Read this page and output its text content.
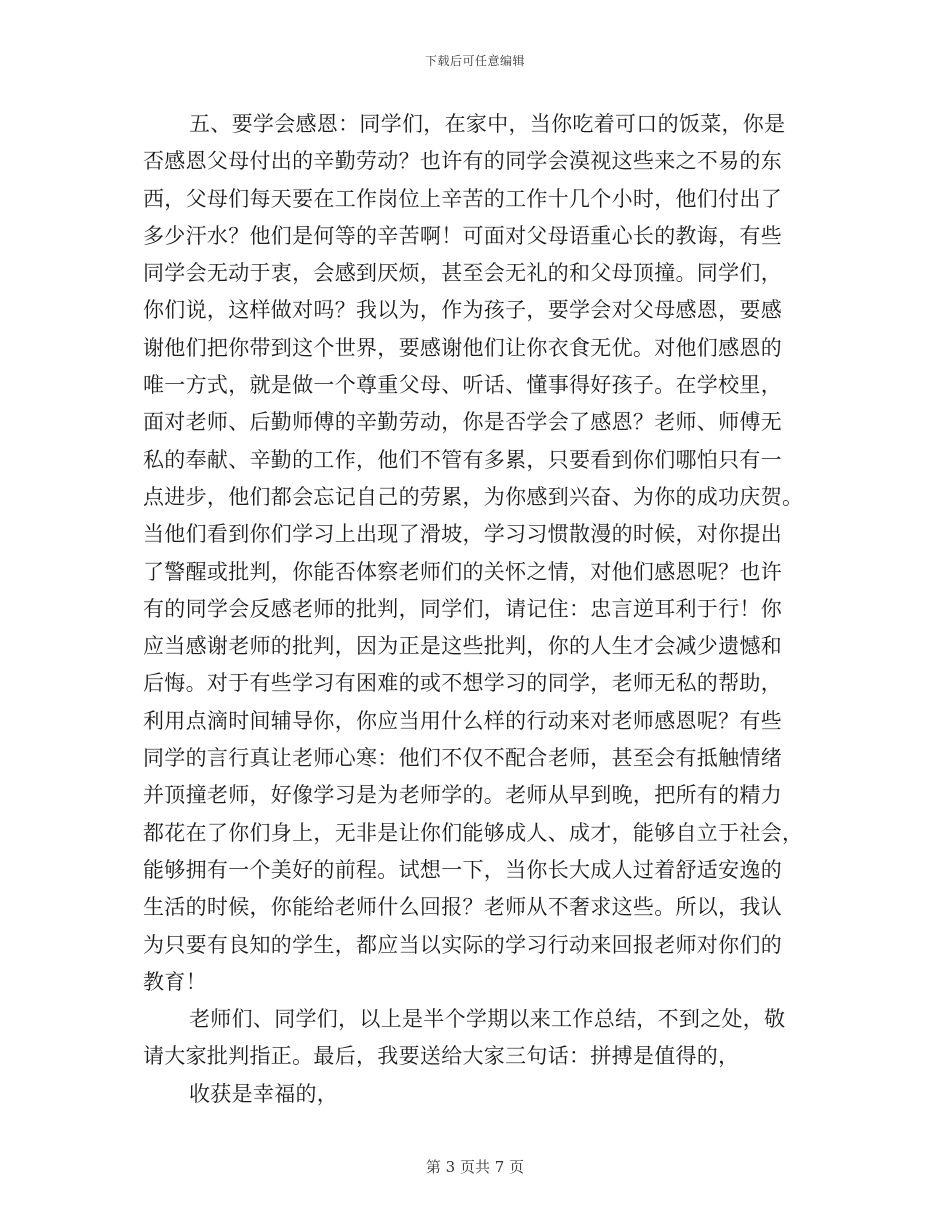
下载后可任意编辑

五、要学会感恩：同学们，在家中，当你吃着可口的饭菜，你是
否感恩父母付出的辛勤劳动？也许有的同学会漠视这些来之不易的东
西，父母们每天要在工作岗位上辛苦的工作十几个小时，他们付出了
多少汗水？他们是何等的辛苦啊！可面对父母语重心长的教诲，有些
同学会无动于衷，会感到厌烦，甚至会无礼的和父母顶撞。同学们，
你们说，这样做对吗？我以为，作为孩子，要学会对父母感恩，要感
谢他们把你带到这个世界，要感谢他们让你衣食无优。对他们感恩的
唯一方式，就是做一个尊重父母、听话、懂事得好孩子。在学校里，
面对老师、后勤师傅的辛勤劳动，你是否学会了感恩？老师、师傅无
私的奉献、辛勤的工作，他们不管有多累，只要看到你们哪怕只有一
点进步，他们都会忘记自己的劳累，为你感到兴奋、为你的成功庆贺。
当他们看到你们学习上出现了滑坡，学习习惯散漫的时候，对你提出
了警醒或批判，你能否体察老师们的关怀之情，对他们感恩呢？也许
有的同学会反感老师的批判，同学们，请记住：忠言逆耳利于行！你
应当感谢老师的批判，因为正是这些批判，你的人生才会减少遗憾和
后悔。对于有些学习有困难的或不想学习的同学，老师无私的帮助，
利用点滴时间辅导你，你应当用什么样的行动来对老师感恩呢？有些
同学的言行真让老师心寒：他们不仅不配合老师，甚至会有抵触情绪
并顶撞老师，好像学习是为老师学的。老师从早到晚，把所有的精力
都花在了你们身上，无非是让你们能够成人、成才，能够自立于社会，
能够拥有一个美好的前程。试想一下，当你长大成人过着舒适安逸的
生活的时候，你能给老师什么回报？老师从不奢求这些。所以，我认
为只要有良知的学生，都应当以实际的学习行动来回报老师对你们的
教育！

老师们、同学们，以上是半个学期以来工作总结，不到之处，敬
请大家批判指正。最后，我要送给大家三句话：拼搏是值得的，

收获是幸福的，

第 3 页共 7 页
